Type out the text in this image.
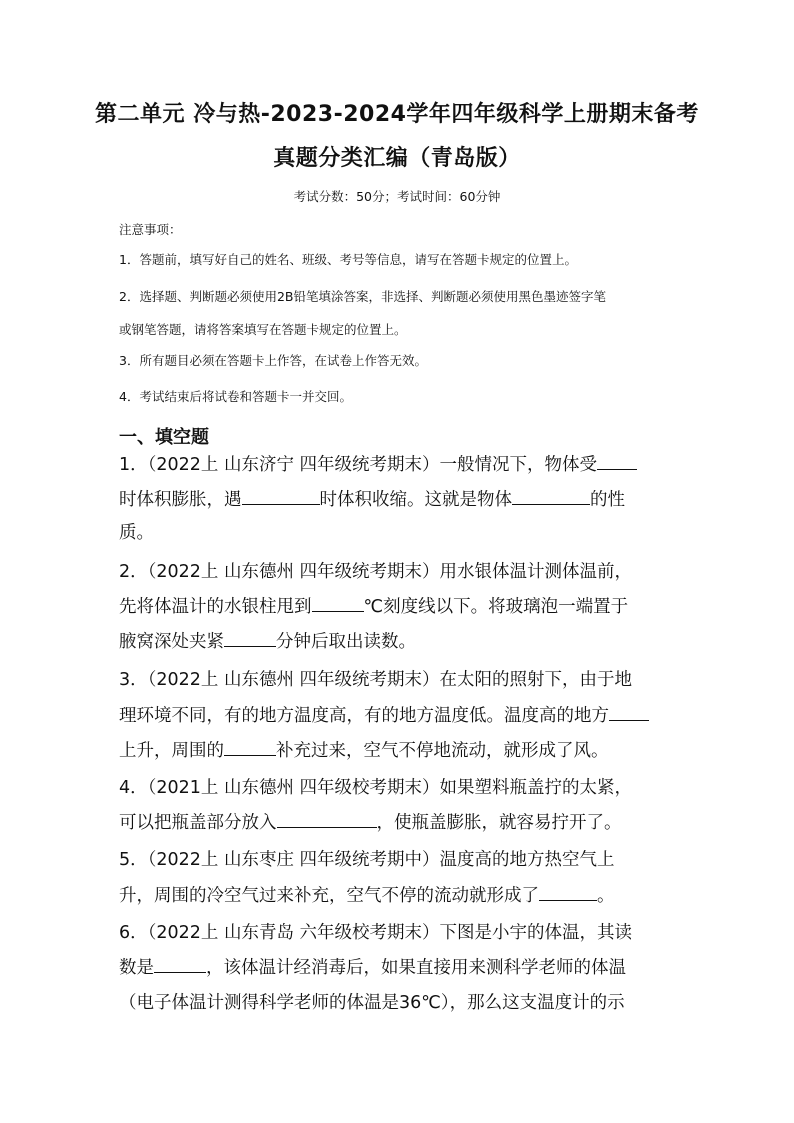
第二单元 冷与热-2023-2024学年四年级科学上册期末备考
真题分类汇编（青岛版）
考试分数：50分；考试时间：60分钟
注意事项：
1．答题前，填写好自己的姓名、班级、考号等信息，请写在答题卡规定的位置上。
2．选择题、判断题必须使用2B铅笔填涂答案，非选择、判断题必须使用黑色墨迹签字笔
或钢笔答题，请将答案填写在答题卡规定的位置上。
3．所有题目必须在答题卡上作答，在试卷上作答无效。
4．考试结束后将试卷和答题卡一并交回。
一、填空题
1．（2022上 山东济宁 四年级统考期末）一般情况下，物体受
时体积膨胀，遇	时体积收缩。这就是物体	的性
质。
2．（2022上 山东德州 四年级统考期末）用水银体温计测体温前，
先将体温计的水银柱甩到	℃刻度线以下。将玻璃泡一端置于
腋窝深处夹紧	分钟后取出读数。
3．（2022上 山东德州 四年级统考期末）在太阳的照射下，由于地
理环境不同，有的地方温度高，有的地方温度低。温度高的地方
上升，周围的	补充过来，空气不停地流动，就形成了风。
4．（2021上 山东德州 四年级校考期末）如果塑料瓶盖拧的太紧，
可以把瓶盖部分放入	，使瓶盖膨胀，就容易拧开了。
5．（2022上 山东枣庄 四年级统考期中）温度高的地方热空气上
升，周围的冷空气过来补充，空气不停的流动就形成了	。
6．（2022上 山东青岛 六年级校考期末）下图是小宇的体温，其读
数是	，该体温计经消毒后，如果直接用来测科学老师的体温
（电子体温计测得科学老师的体温是36℃），那么这支温度计的示
